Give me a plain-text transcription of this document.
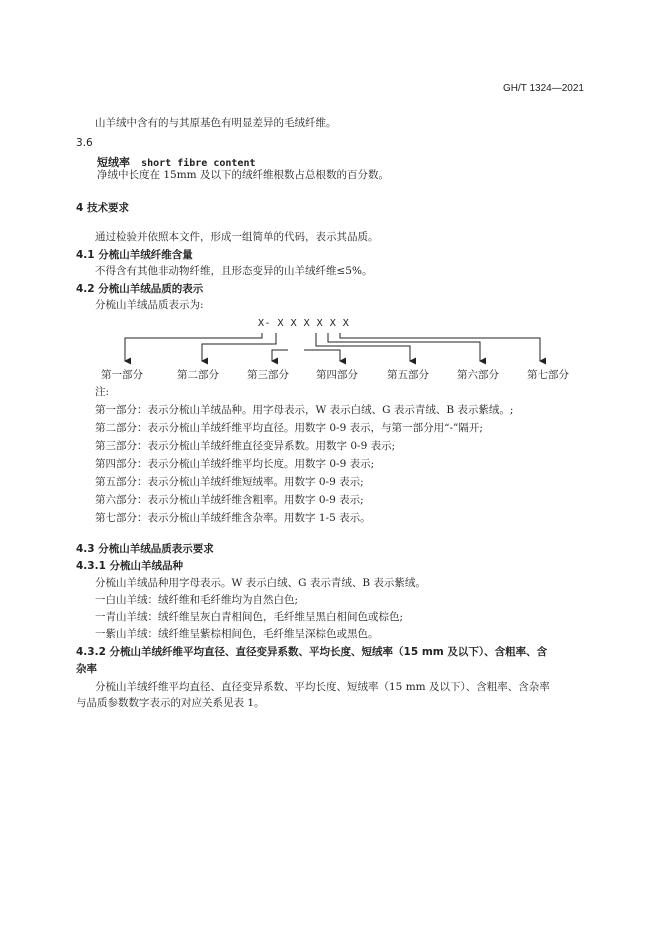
GH/T 1324—2021
山羊绒中含有的与其原基色有明显差异的毛绒纤维。
3.6
短绒率 short fibre content
净绒中长度在 15mm 及以下的绒纤维根数占总根数的百分数。
4 技术要求
通过检验并依照本文件，形成一组简单的代码，表示其品质。
4.1 分梳山羊绒纤维含量
不得含有其他非动物纤维，且形态变异的山羊绒纤维≤5%。
4.2 分梳山羊绒品质的表示
分梳山羊绒品质表示为:
X- X X X X X X
第一部分	第二部分	第三部分	第四部分	第五部分	第六部分	第七部分
注:
第一部分：表示分梳山羊绒品种。用字母表示，W 表示白绒、G 表示青绒、B 表示紫绒。;
第二部分：表示分梳山羊绒纤维平均直径。用数字 0-9 表示，与第一部分用“-”隔开;
第三部分：表示分梳山羊绒纤维直径变异系数。用数字 0-9 表示;
第四部分：表示分梳山羊绒纤维平均长度。用数字 0-9 表示;
第五部分：表示分梳山羊绒纤维短绒率。用数字 0-9 表示;
第六部分：表示分梳山羊绒纤维含粗率。用数字 0-9 表示;
第七部分：表示分梳山羊绒纤维含杂率。用数字 1-5 表示。
4.3 分梳山羊绒品质表示要求
4.3.1 分梳山羊绒品种
分梳山羊绒品种用字母表示。W 表示白绒、G 表示青绒、B 表示紫绒。
一白山羊绒：绒纤维和毛纤维均为自然白色;
一青山羊绒：绒纤维呈灰白青相间色，毛纤维呈黑白相间色或棕色;
一紫山羊绒：绒纤维呈紫棕相间色，毛纤维呈深棕色或黑色。
4.3.2 分梳山羊绒纤维平均直径、直径变异系数、平均长度、短绒率（15 mm 及以下）、含粗率、含
杂率
分梳山羊绒纤维平均直径、直径变异系数、平均长度、短绒率（15 mm 及以下）、含粗率、含杂率
与品质参数数字表示的对应关系见表 1。
